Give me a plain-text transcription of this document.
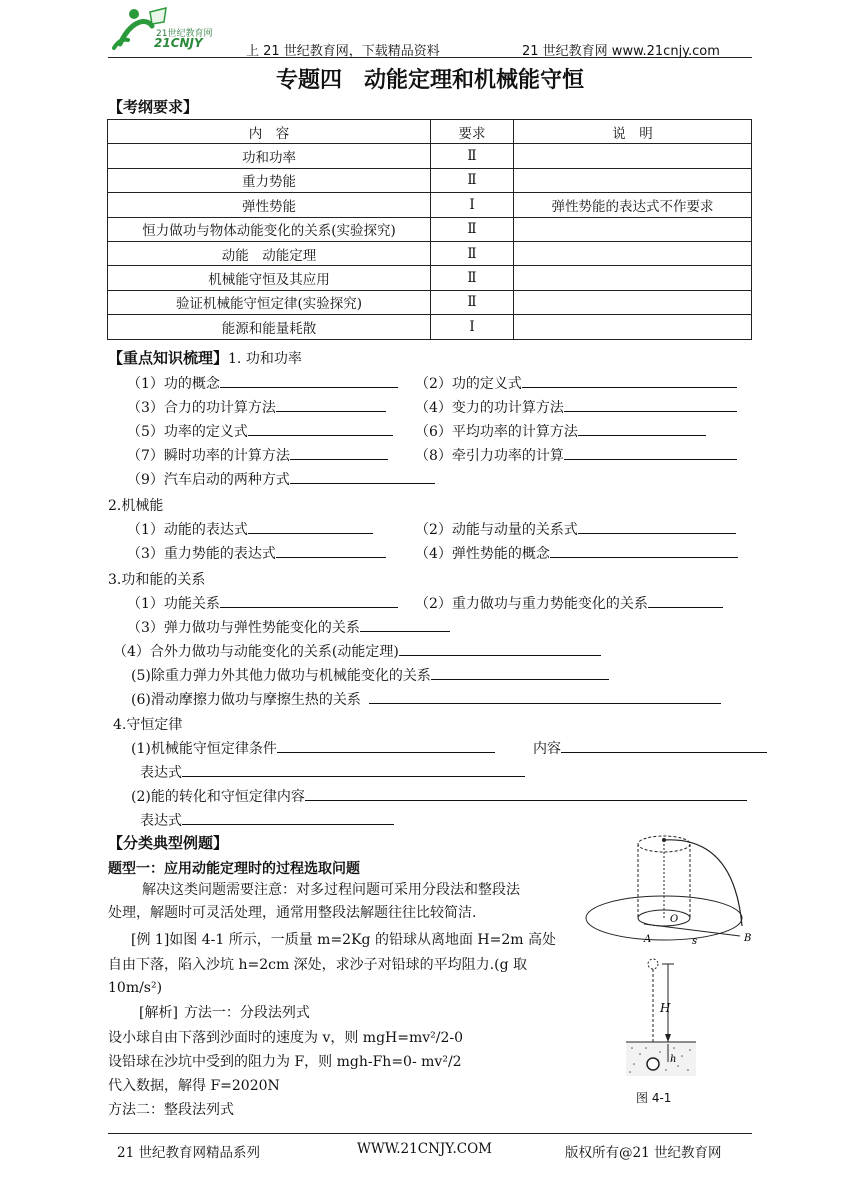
21世纪教育网
21CNJY
上 21 世纪教育网，下载精品资料	21 世纪教育网 www.21cnjy.com
专题四　动能定理和机械能守恒
【考纲要求】
内　容	要求	说　明
功和功率	Ⅱ	
重力势能	Ⅱ	
弹性势能	Ⅰ	弹性势能的表达式不作要求
恒力做功与物体动能变化的关系(实验探究)	Ⅱ	
动能　动能定理	Ⅱ	
机械能守恒及其应用	Ⅱ	
验证机械能守恒定律(实验探究)	Ⅱ	
能源和能量耗散	Ⅰ	
【重点知识梳理】1. 功和功率
（1）功的概念	（2）功的定义式
（3）合力的功计算方法	（4）变力的功计算方法
（5）功率的定义式	（6）平均功率的计算方法
（7）瞬时功率的计算方法	（8）牵引力功率的计算
（9）汽车启动的两种方式
2.机械能
（1）动能的表达式	（2）动能与动量的关系式
（3）重力势能的表达式	（4）弹性势能的概念
3.功和能的关系
（1）功能关系	（2）重力做功与重力势能变化的关系
（3）弹力做功与弹性势能变化的关系
（4）合外力做功与动能变化的关系(动能定理)
(5)除重力弹力外其他力做功与机械能变化的关系
(6)滑动摩擦力做功与摩擦生热的关系
4.守恒定律
(1)机械能守恒定律条件	内容
表达式
(2)能的转化和守恒定律内容
表达式
【分类典型例题】
题型一：应用动能定理时的过程选取问题
解决这类问题需要注意：对多过程问题可采用分段法和整段法
处理，解题时可灵活处理，通常用整段法解题往往比较简洁.
[例 1]如图 4-1 所示，一质量 m=2Kg 的铅球从离地面 H=2m 高处
自由下落，陷入沙坑 h=2cm 深处，求沙子对铅球的平均阻力.(g 取
10m/s²)
[解析] 方法一：分段法列式
设小球自由下落到沙面时的速度为 v，则 mgH=mv²/2-0
设铅球在沙坑中受到的阻力为 F，则 mgh-Fh=0- mv²/2
代入数据，解得 F=2020N
方法二：整段法列式
O
A	B
s
H
h
图 4-1
21 世纪教育网精品系列	WWW.21CNJY.COM	版权所有@21 世纪教育网
